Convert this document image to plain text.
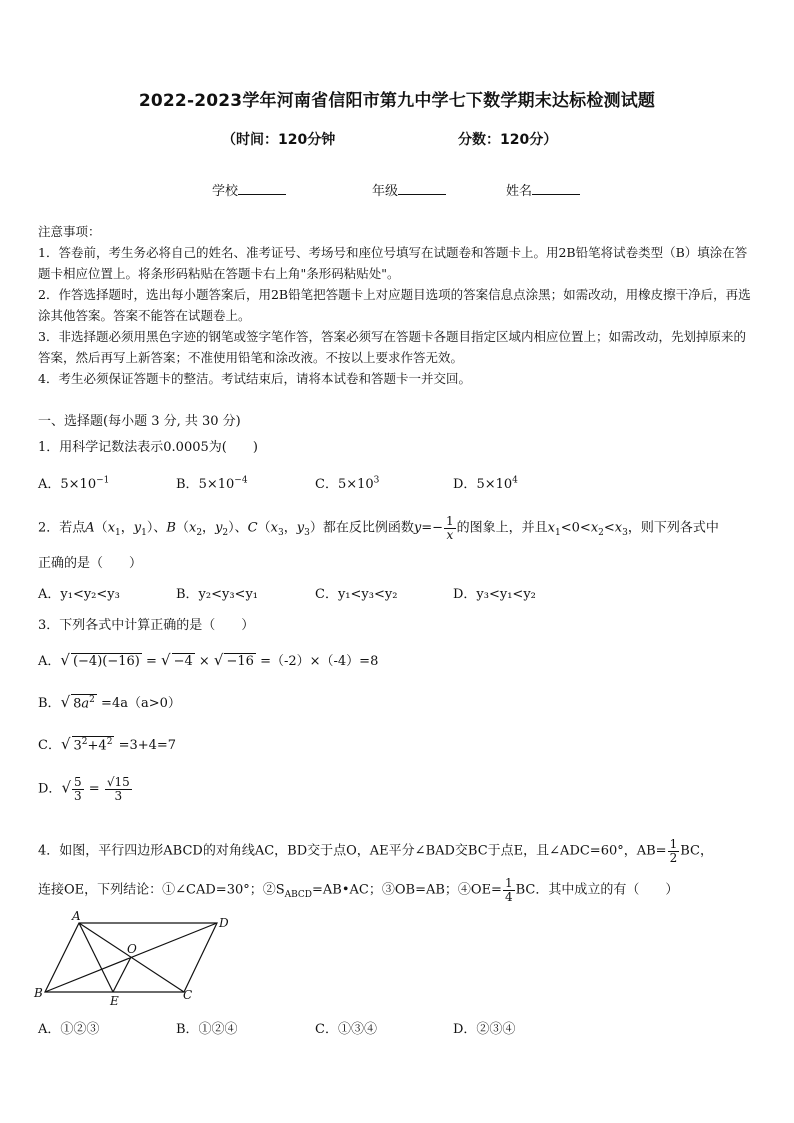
2022-2023学年河南省信阳市第九中学七下数学期末达标检测试题
（时间：120分钟	分数：120分）
学校	年级	姓名
注意事项：
1．答卷前，考生务必将自己的姓名、准考证号、考场号和座位号填写在试题卷和答题卡上。用2B铅笔将试卷类型（B）填涂在答题卡相应位置上。将条形码粘贴在答题卡右上角"条形码粘贴处"。
2．作答选择题时，选出每小题答案后，用2B铅笔把答题卡上对应题目选项的答案信息点涂黑；如需改动，用橡皮擦干净后，再选涂其他答案。答案不能答在试题卷上。
3．非选择题必须用黑色字迹的钢笔或签字笔作答，答案必须写在答题卡各题目指定区域内相应位置上；如需改动，先划掉原来的答案，然后再写上新答案；不准使用铅笔和涂改液。不按以上要求作答无效。
4．考生必须保证答题卡的整洁。考试结束后，请将本试卷和答题卡一并交回。
一、选择题(每小题 3 分, 共 30 分)
1．用科学记数法表示0.0005为(　　)
A．$5\times 10^{-1}$	B．$5\times 10^{-4}$	C．$5\times 10^3$	D．$5\times 10^4$
2．若点$A(x_1$，$y_1$）、$B(x_2$，$y_2$）、$C(x_3$，$y_3$）都在反比例函数$y=- \frac{1}{x}$ 的图象上，并且$x_1<0<x_2<x_3$，则下列各式中
正确的是（　　）
A．y₁<y₂<y₃	B．y₂<y₃<y₁	C．y₁<y₃<y₂	D．y₃<y₁<y₂
3．下列各式中计算正确的是（　　）
A．√ (−4)(−16) = √ −4 × √ −16 =（-2）×（-4）=8
B．√ $8a^2 =4a(a>0)$
C．√ $3^2+4^2 =3+4=7$
D．√ $\frac{5}{3} = \frac{√15}{3}$
4．如图，平行四边形ABCD的对角线AC，BD交于点O，AE平分∠BAD交BC于点E，且∠ADC=60°，$AB= \frac{1}{2}$ BC，
连接OE，下列结论：①∠CAD=30°；$②S_{ABCD}=AB•AC$；③OB=AB；④OE= $\frac{1}{4}$ BC．其中成立的有（　　）
A	D
O
B
E	C
A．①②③	B．①②④	C．①③④	D．②③④
